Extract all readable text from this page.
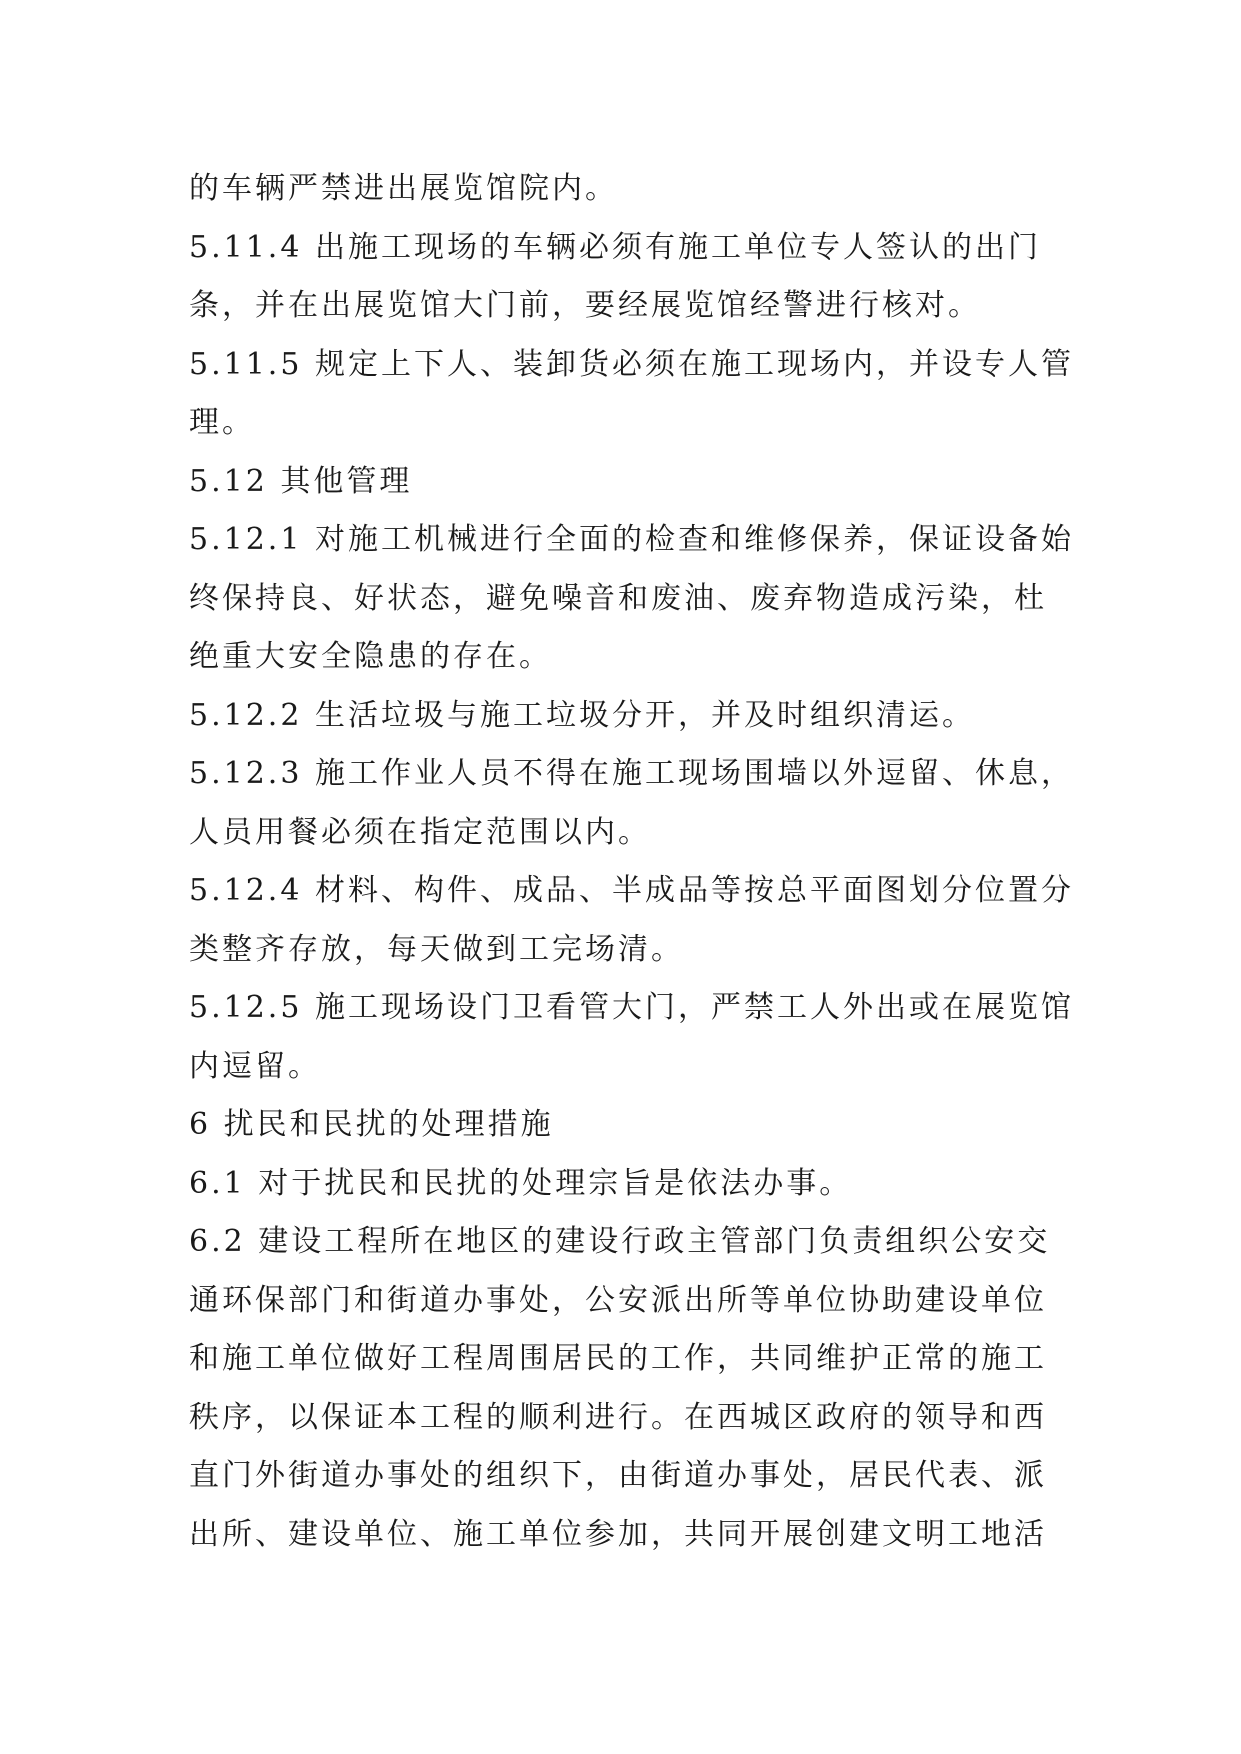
的车辆严禁进出展览馆院内。

5.11.4 出施工现场的车辆必须有施工单位专人签认的出门

条，并在出展览馆大门前，要经展览馆经警进行核对。

5.11.5 规定上下人、装卸货必须在施工现场内，并设专人管

理。

5.12 其他管理

5.12.1 对施工机械进行全面的检查和维修保养，保证设备始

终保持良、好状态，避免噪音和废油、废弃物造成污染，杜

绝重大安全隐患的存在。

5.12.2 生活垃圾与施工垃圾分开，并及时组织清运。

5.12.3 施工作业人员不得在施工现场围墙以外逗留、休息，

人员用餐必须在指定范围以内。

5.12.4 材料、构件、成品、半成品等按总平面图划分位置分

类整齐存放，每天做到工完场清。

5.12.5 施工现场设门卫看管大门，严禁工人外出或在展览馆

内逗留。

6 扰民和民扰的处理措施

6.1 对于扰民和民扰的处理宗旨是依法办事。

6.2 建设工程所在地区的建设行政主管部门负责组织公安交

通环保部门和街道办事处，公安派出所等单位协助建设单位

和施工单位做好工程周围居民的工作，共同维护正常的施工

秩序，以保证本工程的顺利进行。在西城区政府的领导和西

直门外街道办事处的组织下，由街道办事处，居民代表、派

出所、建设单位、施工单位参加，共同开展创建文明工地活
